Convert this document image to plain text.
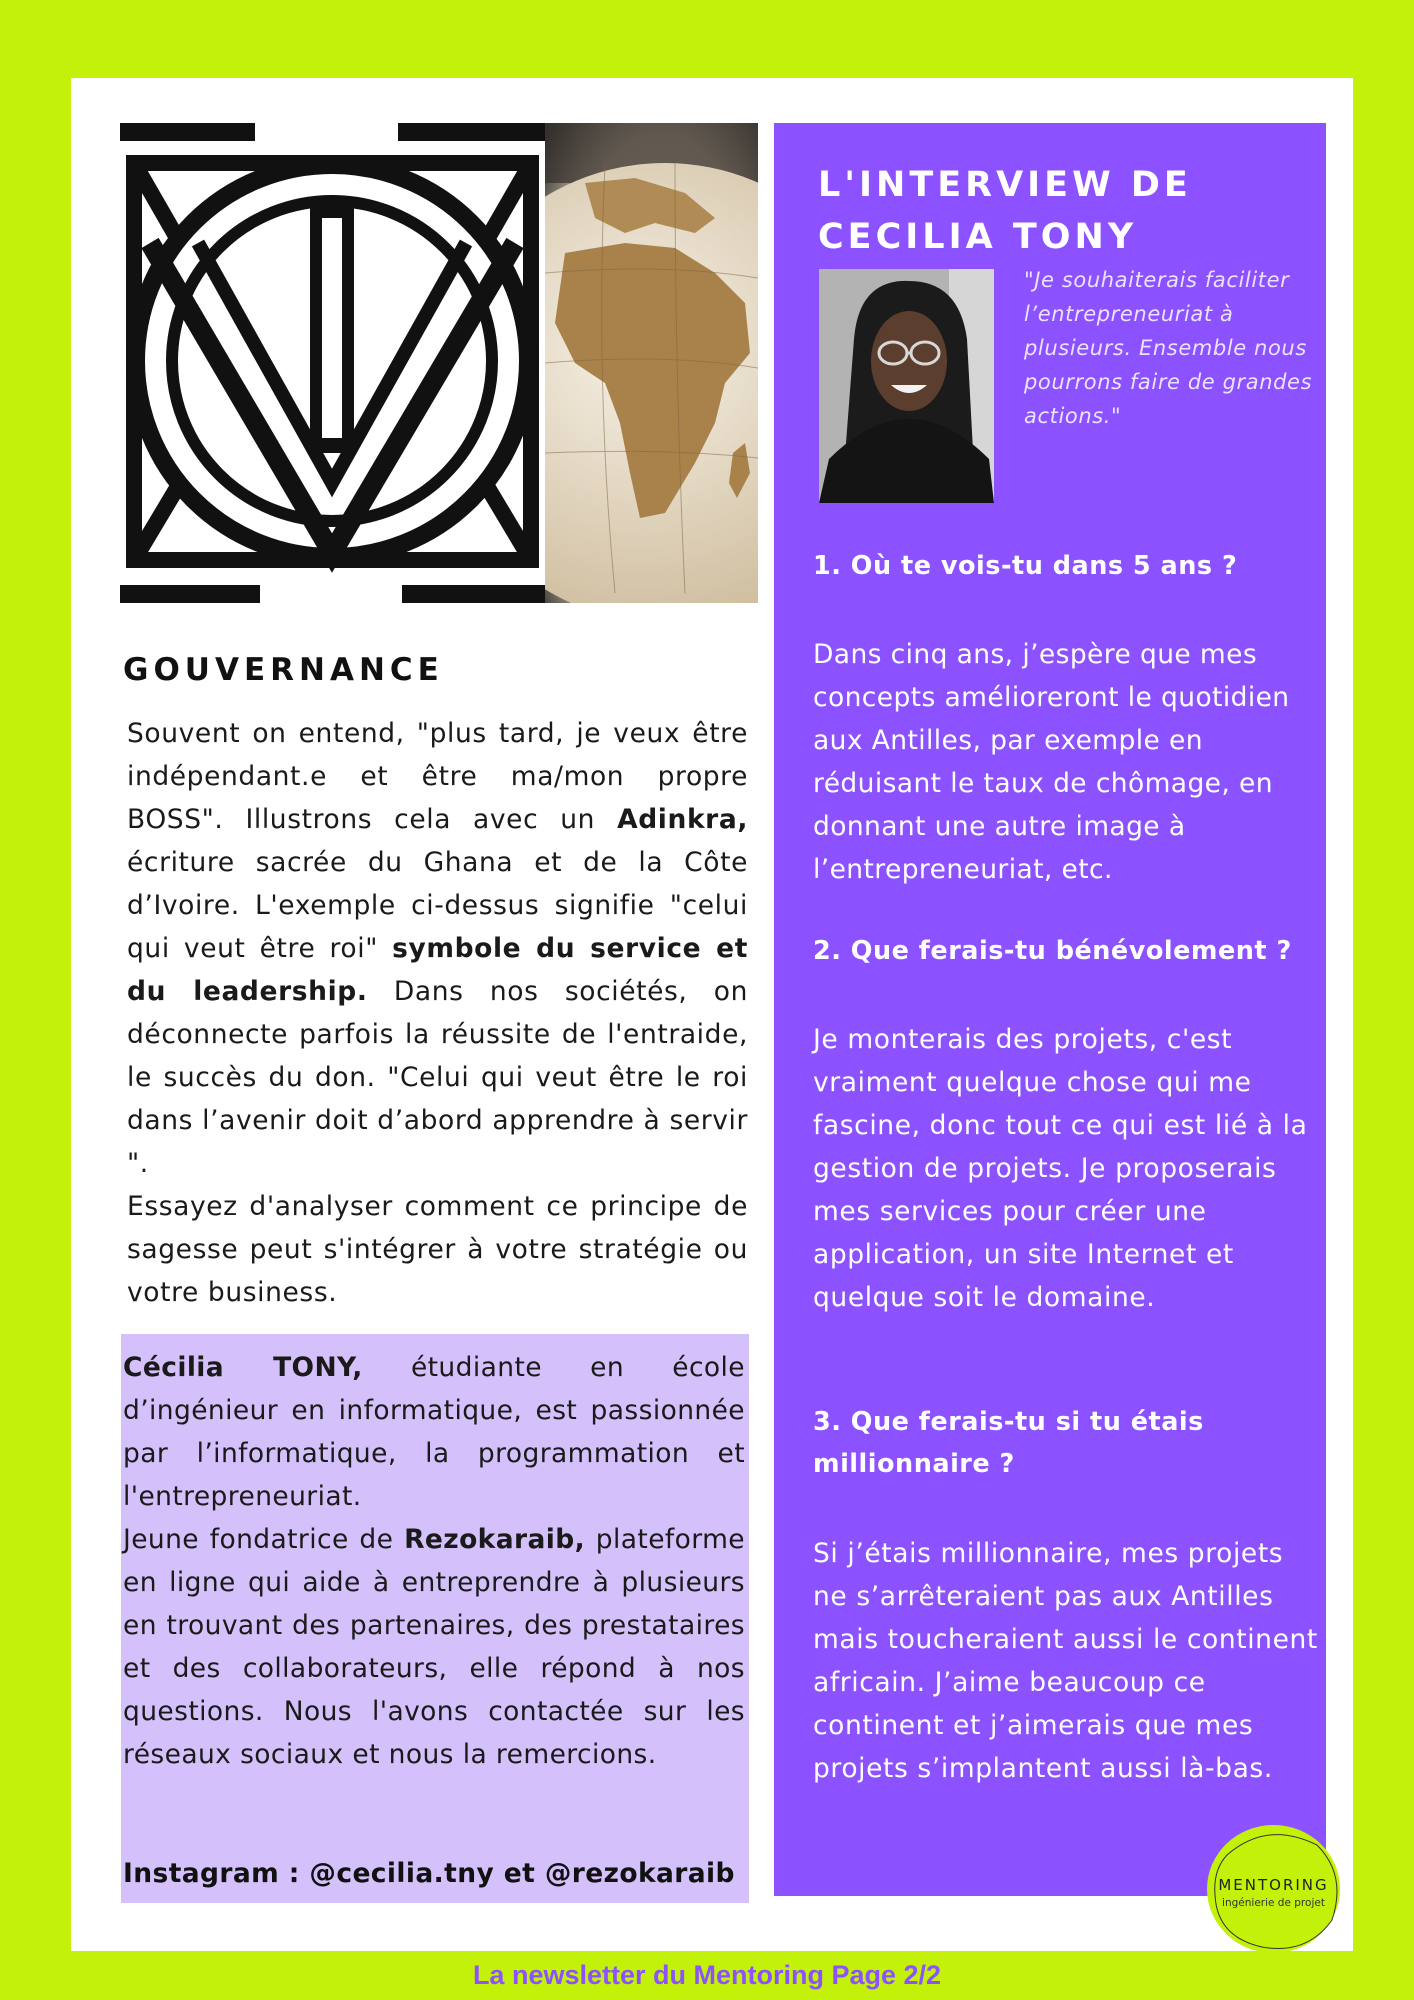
GOUVERNANCE

Souvent on entend, "plus tard, je veux être indépendant.e et être ma/mon propre BOSS". Illustrons cela avec un Adinkra, écriture sacrée du Ghana et de la Côte d’Ivoire. L'exemple ci-dessus signifie "celui qui veut être roi" symbole du service et du leadership. Dans nos sociétés, on déconnecte parfois la réussite de l'entraide, le succès du don. "Celui qui veut être le roi dans l’avenir doit d’abord apprendre à servir ".

Essayez d'analyser comment ce principe de sagesse peut s'intégrer à votre stratégie ou votre business.

Cécilia TONY, étudiante en école d’ingénieur en informatique, est passionnée par l’informatique, la programmation et l'entrepreneuriat.

Jeune fondatrice de Rezokaraib, plateforme en ligne qui aide à entreprendre à plusieurs en trouvant des partenaires, des prestataires et des collaborateurs, elle répond à nos questions. Nous l'avons contactée sur les réseaux sociaux et nous la remercions.

Instagram : @cecilia.tny et @rezokaraib

L'INTERVIEW DE
CECILIA TONY

"Je souhaiterais faciliter l’entrepreneuriat à plusieurs. Ensemble nous pourrons faire de grandes actions."

1. Où te vois-tu dans 5 ans ?

Dans cinq ans, j’espère que mes concepts amélioreront le quotidien aux Antilles, par exemple en réduisant le taux de chômage, en donnant une autre image à l’entrepreneuriat, etc.

2. Que ferais-tu bénévolement ?

Je monterais des projets, c'est vraiment quelque chose qui me fascine, donc tout ce qui est lié à la gestion de projets. Je proposerais mes services pour créer une application, un site Internet et quelque soit le domaine.

3. Que ferais-tu si tu étais millionnaire ?

Si j’étais millionnaire, mes projets ne s’arrêteraient pas aux Antilles mais toucheraient aussi le continent africain. J’aime beaucoup ce continent et j’aimerais que mes projets s’implantent aussi là-bas.

MENTORING
ingénierie de projet

La newsletter du Mentoring Page 2/2
